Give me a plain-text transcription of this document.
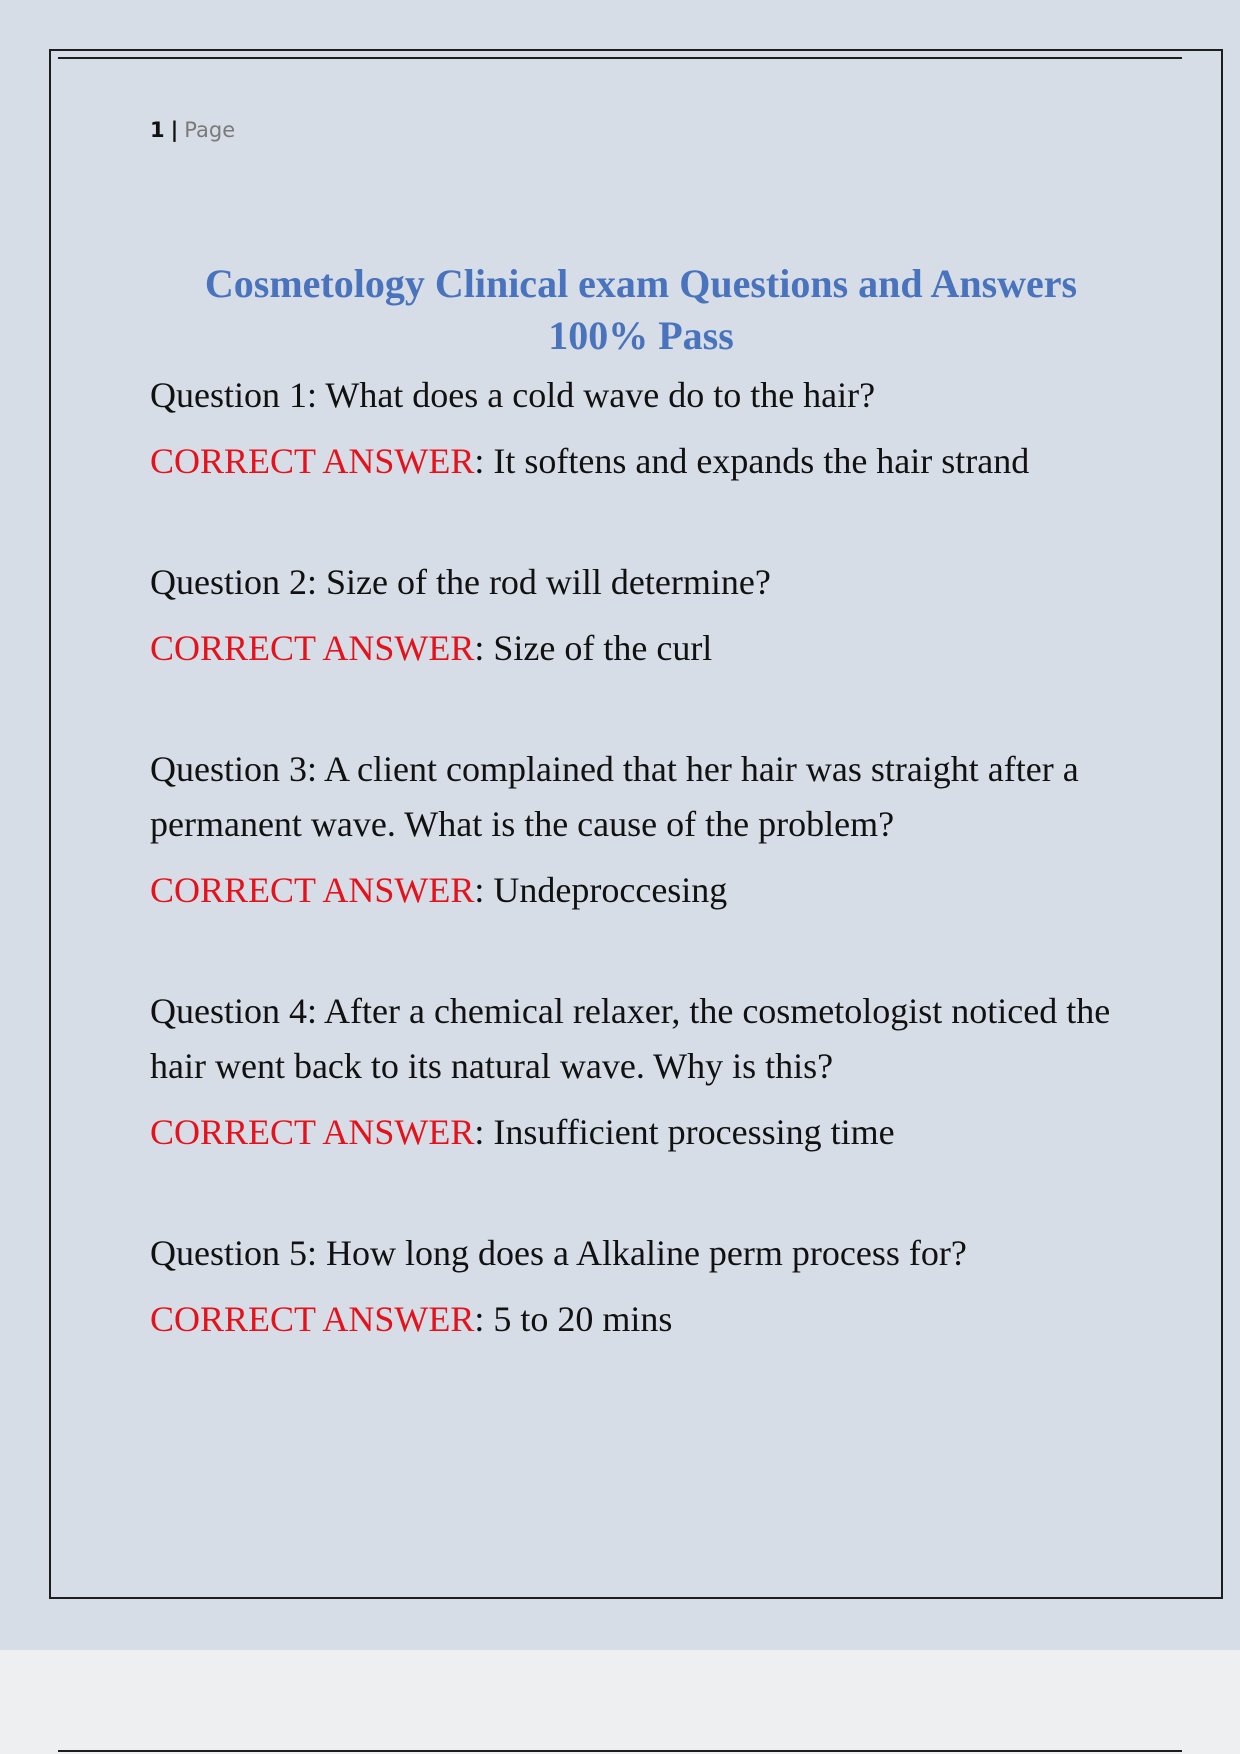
1 | Page
Cosmetology Clinical exam Questions and Answers
100% Pass
Question 1: What does a cold wave do to the hair?
CORRECT ANSWER: It softens and expands the hair strand
Question 2: Size of the rod will determine?
CORRECT ANSWER: Size of the curl
Question 3: A client complained that her hair was straight after a permanent wave. What is the cause of the problem?
CORRECT ANSWER: Undeproccesing
Question 4: After a chemical relaxer, the cosmetologist noticed the hair went back to its natural wave. Why is this?
CORRECT ANSWER: Insufficient processing time
Question 5: How long does a Alkaline perm process for?
CORRECT ANSWER: 5 to 20 mins
